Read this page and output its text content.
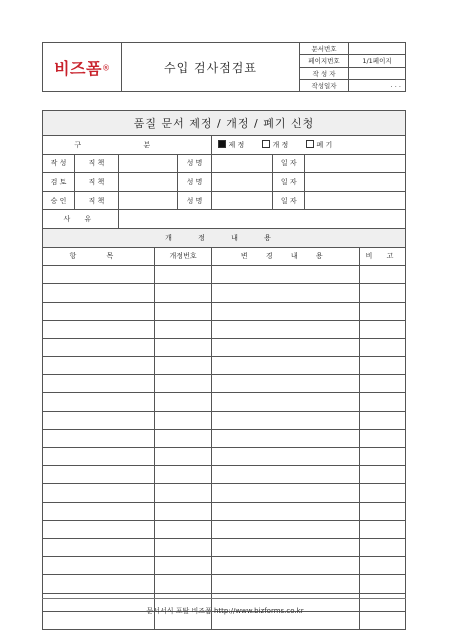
비즈폼®	수입 검사점검표	문서번호	
		페이지번호	1/1페이지
		작 성 자	
		작성일자	. . .
품질 문서 제정 / 개정 / 폐기 신청								
구 분					제 정 개 정 폐 기			
작 성	직 책			성 명		일 자		
검 토	직 책			성 명		일 자		
승 인	직 책			성 명		일 자		
사 유								
개 정 내 용								
항 목			개정번호		변 경 내 용			비 고

문서서식 포탈 비즈폼 http://www.bizforms.co.kr
